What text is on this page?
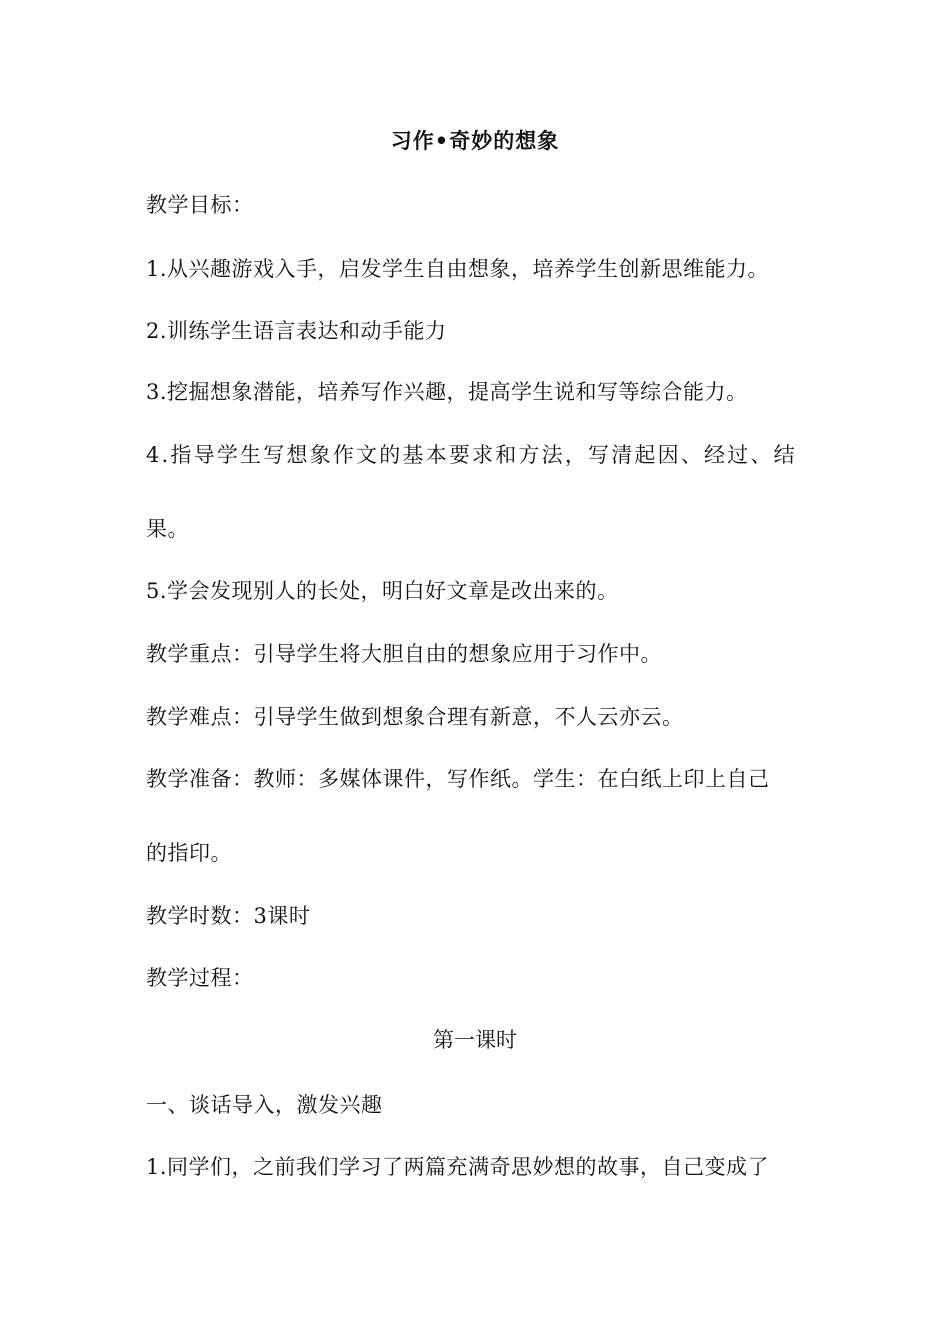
习作•奇妙的想象
教学目标：
1.从兴趣游戏入手，启发学生自由想象，培养学生创新思维能力。
2.训练学生语言表达和动手能力
3.挖掘想象潜能，培养写作兴趣，提高学生说和写等综合能力。
4.指导学生写想象作文的基本要求和方法，写清起因、经过、结
果。
5.学会发现别人的长处，明白好文章是改出来的。
教学重点：引导学生将大胆自由的想象应用于习作中。
教学难点：引导学生做到想象合理有新意，不人云亦云。
教学准备：教师：多媒体课件，写作纸。学生：在白纸上印上自己
的指印。
教学时数：3课时
教学过程：
第一课时
一、谈话导入，激发兴趣
1.同学们，之前我们学习了两篇充满奇思妙想的故事，自己变成了
